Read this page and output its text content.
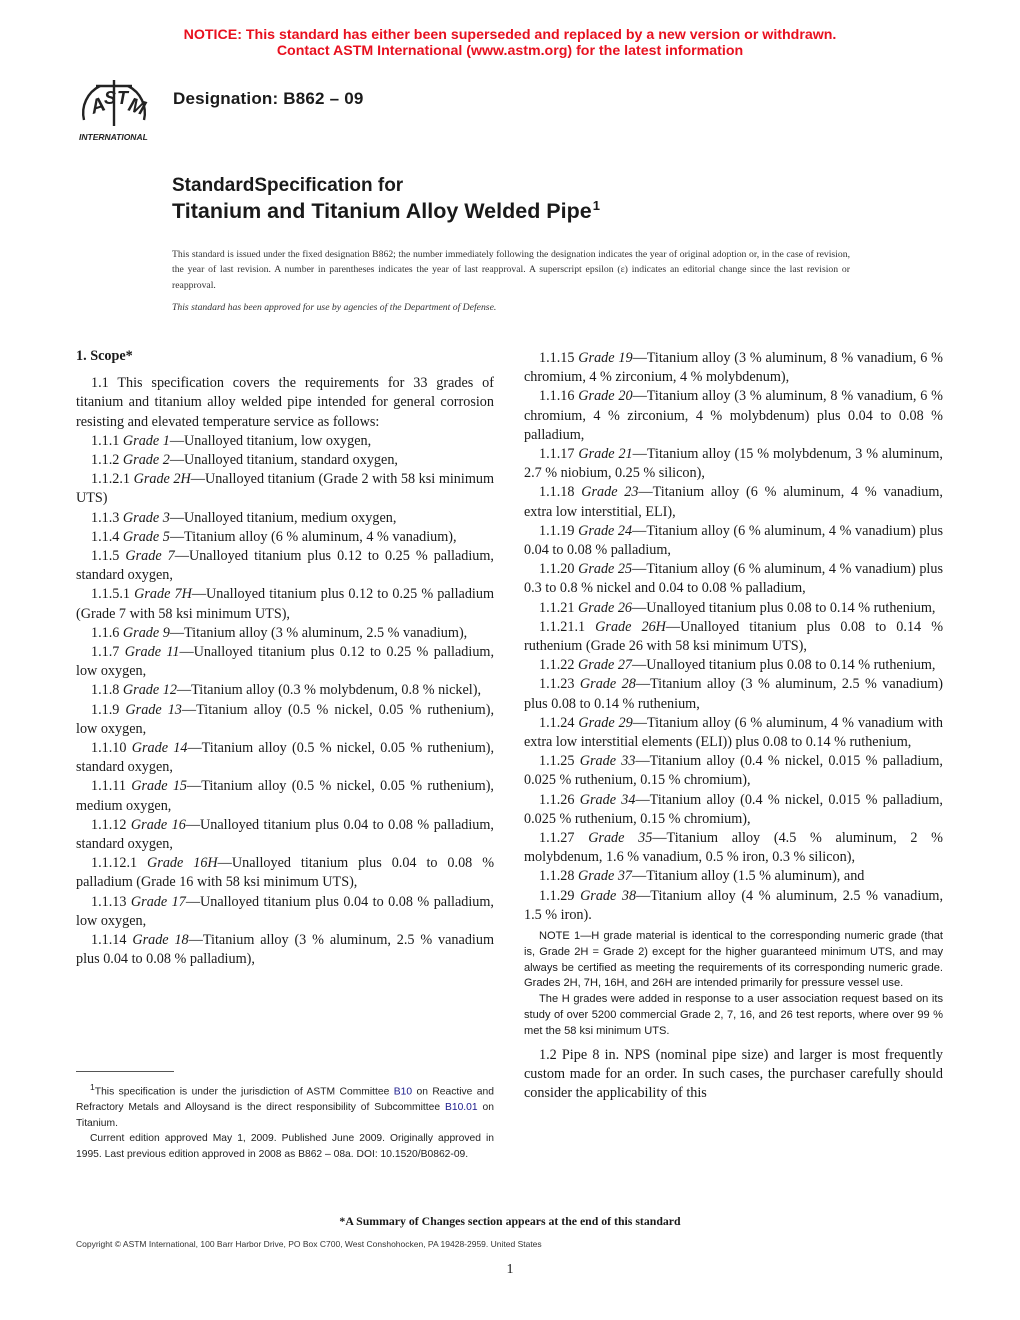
NOTICE: This standard has either been superseded and replaced by a new version or withdrawn.
Contact ASTM International (www.astm.org) for the latest information
A
S T
M
INTERNATIONAL
Designation: B862 – 09
StandardSpecification for
Titanium and Titanium Alloy Welded Pipe$^1$
This standard is issued under the fixed designation B862; the number immediately following the designation indicates the year of original adoption or, in the case of revision, the year of last revision. A number in parentheses indicates the year of last reapproval. A superscript epsilon (ε) indicates an editorial change since the last revision or reapproval.
This standard has been approved for use by agencies of the Department of Defense.

1. Scope*

1.1 This specification covers the requirements for 33 grades of titanium and titanium alloy welded pipe intended for general corrosion resisting and elevated temperature service as follows:

1.1.1 Grade 1—Unalloyed titanium, low oxygen,

1.1.2 Grade 2—Unalloyed titanium, standard oxygen,

1.1.2.1 Grade 2H—Unalloyed titanium (Grade 2 with 58 ksi minimum UTS)

1.1.3 Grade 3—Unalloyed titanium, medium oxygen,

1.1.4 Grade 5—Titanium alloy (6 % aluminum, 4 % vanadium),

1.1.5 Grade 7—Unalloyed titanium plus 0.12 to 0.25 % palladium, standard oxygen,

1.1.5.1 Grade 7H—Unalloyed titanium plus 0.12 to 0.25 % palladium (Grade 7 with 58 ksi minimum UTS),

1.1.6 Grade 9—Titanium alloy (3 % aluminum, 2.5 % vanadium),

1.1.7 Grade 11—Unalloyed titanium plus 0.12 to 0.25 % palladium, low oxygen,

1.1.8 Grade 12—Titanium alloy (0.3 % molybdenum, 0.8 % nickel),

1.1.9 Grade 13—Titanium alloy (0.5 % nickel, 0.05 % ruthenium), low oxygen,

1.1.10 Grade 14—Titanium alloy (0.5 % nickel, 0.05 % ruthenium), standard oxygen,

1.1.11 Grade 15—Titanium alloy (0.5 % nickel, 0.05 % ruthenium), medium oxygen,

1.1.12 Grade 16—Unalloyed titanium plus 0.04 to 0.08 % palladium, standard oxygen,

1.1.12.1 Grade 16H—Unalloyed titanium plus 0.04 to 0.08 % palladium (Grade 16 with 58 ksi minimum UTS),

1.1.13 Grade 17—Unalloyed titanium plus 0.04 to 0.08 % palladium, low oxygen,

1.1.14 Grade 18—Titanium alloy (3 % aluminum, 2.5 % vanadium plus 0.04 to 0.08 % palladium),

1.1.15 Grade 19—Titanium alloy (3 % aluminum, 8 % vanadium, 6 % chromium, 4 % zirconium, 4 % molybdenum),

1.1.16 Grade 20—Titanium alloy (3 % aluminum, 8 % vanadium, 6 % chromium, 4 % zirconium, 4 % molybdenum) plus 0.04 to 0.08 % palladium,

1.1.17 Grade 21—Titanium alloy (15 % molybdenum, 3 % aluminum, 2.7 % niobium, 0.25 % silicon),

1.1.18 Grade 23—Titanium alloy (6 % aluminum, 4 % vanadium, extra low interstitial, ELI),

1.1.19 Grade 24—Titanium alloy (6 % aluminum, 4 % vanadium) plus 0.04 to 0.08 % palladium,

1.1.20 Grade 25—Titanium alloy (6 % aluminum, 4 % vanadium) plus 0.3 to 0.8 % nickel and 0.04 to 0.08 % palladium,

1.1.21 Grade 26—Unalloyed titanium plus 0.08 to 0.14 % ruthenium,

1.1.21.1 Grade 26H—Unalloyed titanium plus 0.08 to 0.14 % ruthenium (Grade 26 with 58 ksi minimum UTS),

1.1.22 Grade 27—Unalloyed titanium plus 0.08 to 0.14 % ruthenium,

1.1.23 Grade 28—Titanium alloy (3 % aluminum, 2.5 % vanadium) plus 0.08 to 0.14 % ruthenium,

1.1.24 Grade 29—Titanium alloy (6 % aluminum, 4 % vanadium with extra low interstitial elements (ELI)) plus 0.08 to 0.14 % ruthenium,

1.1.25 Grade 33—Titanium alloy (0.4 % nickel, 0.015 % palladium, 0.025 % ruthenium, 0.15 % chromium),

1.1.26 Grade 34—Titanium alloy (0.4 % nickel, 0.015 % palladium, 0.025 % ruthenium, 0.15 % chromium),

1.1.27 Grade 35—Titanium alloy (4.5 % aluminum, 2 % molybdenum, 1.6 % vanadium, 0.5 % iron, 0.3 % silicon),

1.1.28 Grade 37—Titanium alloy (1.5 % aluminum), and

1.1.29 Grade 38—Titanium alloy (4 % aluminum, 2.5 % vanadium, 1.5 % iron).

NOTE 1—H grade material is identical to the corresponding numeric grade (that is, Grade 2H = Grade 2) except for the higher guaranteed minimum UTS, and may always be certified as meeting the requirements of its corresponding numeric grade. Grades 2H, 7H, 16H, and 26H are intended primarily for pressure vessel use.

The H grades were added in response to a user association request based on its study of over 5200 commercial Grade 2, 7, 16, and 26 test reports, where over 99 % met the 58 ksi minimum UTS.

1.2 Pipe 8 in. NPS (nominal pipe size) and larger is most frequently custom made for an order. In such cases, the purchaser carefully should consider the applicability of this

$^1$This specification is under the jurisdiction of ASTM Committee B10 on Reactive and Refractory Metals and Alloysand is the direct responsibility of Subcommittee B10.01 on Titanium.

Current edition approved May 1, 2009. Published June 2009. Originally approved in 1995. Last previous edition approved in 2008 as B862 – 08a. DOI: 10.1520/B0862-09.

*A Summary of Changes section appears at the end of this standard
Copyright © ASTM International, 100 Barr Harbor Drive, PO Box C700, West Conshohocken, PA 19428-2959. United States
1
